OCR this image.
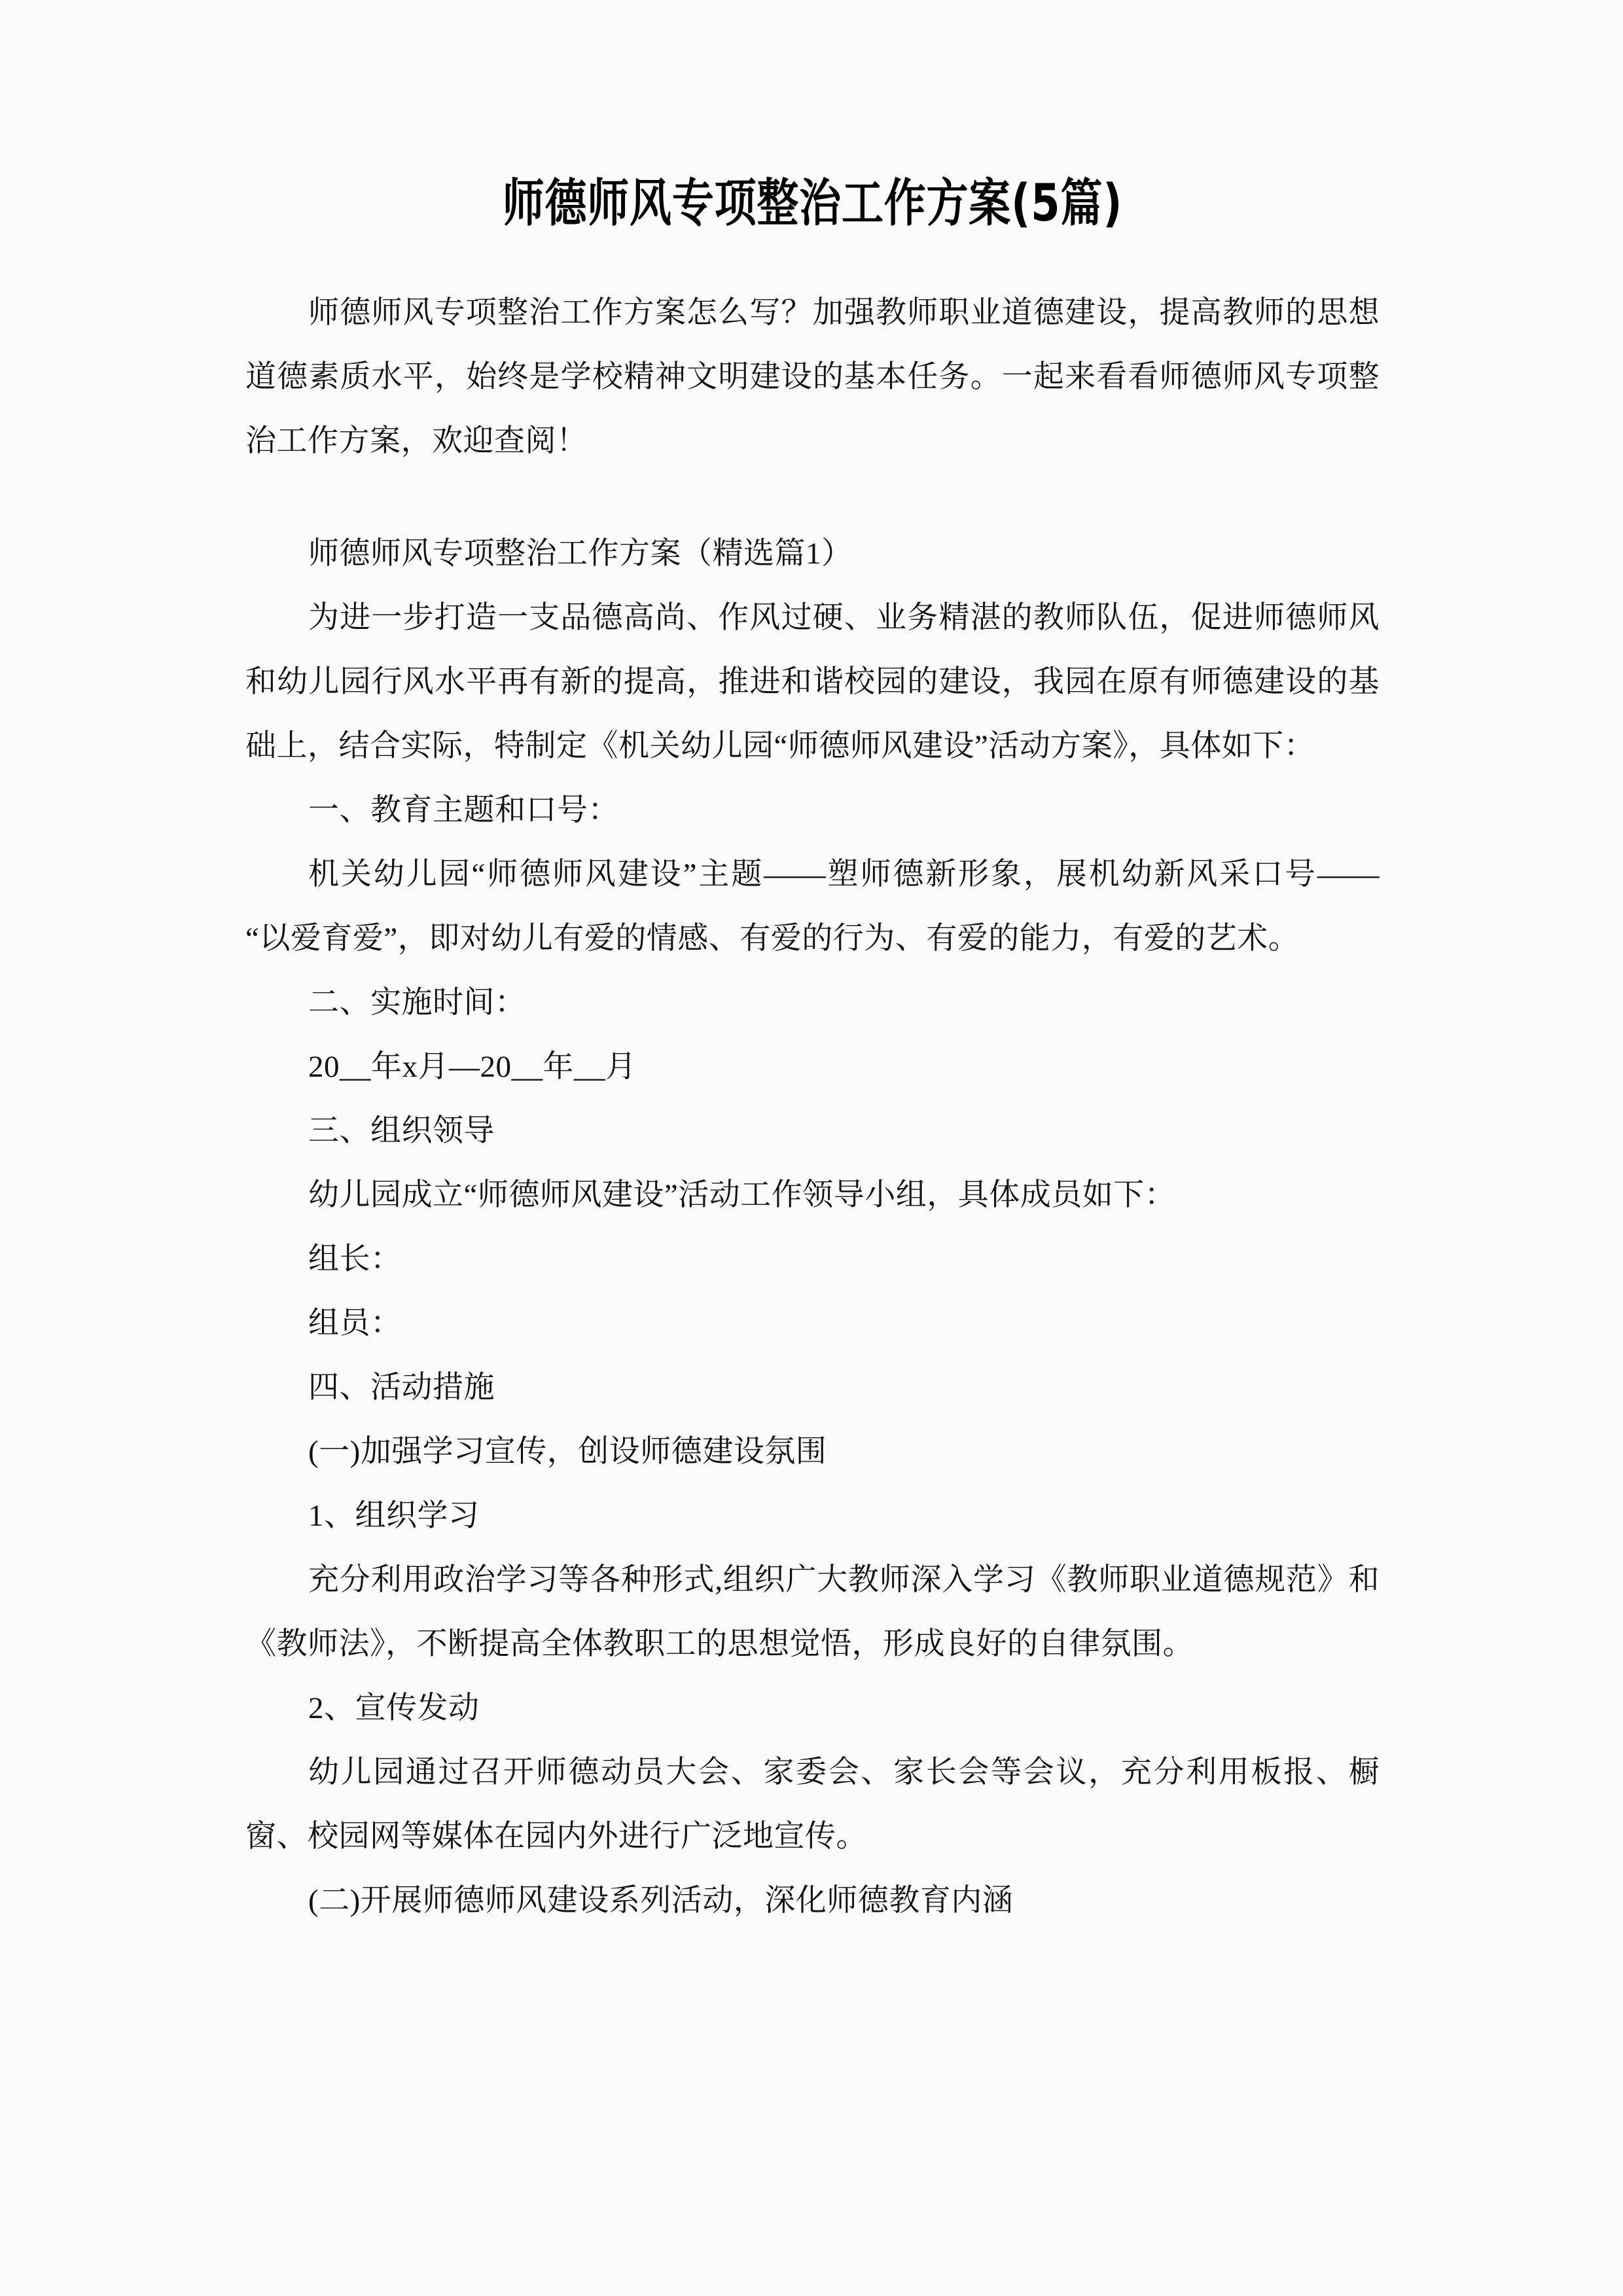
师德师风专项整治工作方案(5篇)

师德师风专项整治工作方案怎么写？加强教师职业道德建设，提高教师的思想道德素质水平，始终是学校精神文明建设的基本任务。一起来看看师德师风专项整治工作方案，欢迎查阅！

师德师风专项整治工作方案（精选篇1）

为进一步打造一支品德高尚、作风过硬、业务精湛的教师队伍，促进师德师风和幼儿园行风水平再有新的提高，推进和谐校园的建设，我园在原有师德建设的基础上，结合实际，特制定《机关幼儿园“师德师风建设”活动方案》，具体如下：

一、教育主题和口号：

机关幼儿园“师德师风建设”主题——塑师德新形象，展机幼新风采口号—— “以爱育爱”，即对幼儿有爱的情感、有爱的行为、有爱的能力，有爱的艺术。

二、实施时间：

20__年x月—20__年__月

三、组织领导

幼儿园成立“师德师风建设”活动工作领导小组，具体成员如下：

组长：

组员：

四、活动措施

(一)加强学习宣传，创设师德建设氛围

1、组织学习

充分利用政治学习等各种形式,组织广大教师深入学习《教师职业道德规范》和《教师法》，不断提高全体教职工的思想觉悟，形成良好的自律氛围。

2、宣传发动

幼儿园通过召开师德动员大会、家委会、家长会等会议，充分利用板报、橱窗、校园网等媒体在园内外进行广泛地宣传。

(二)开展师德师风建设系列活动，深化师德教育内涵
